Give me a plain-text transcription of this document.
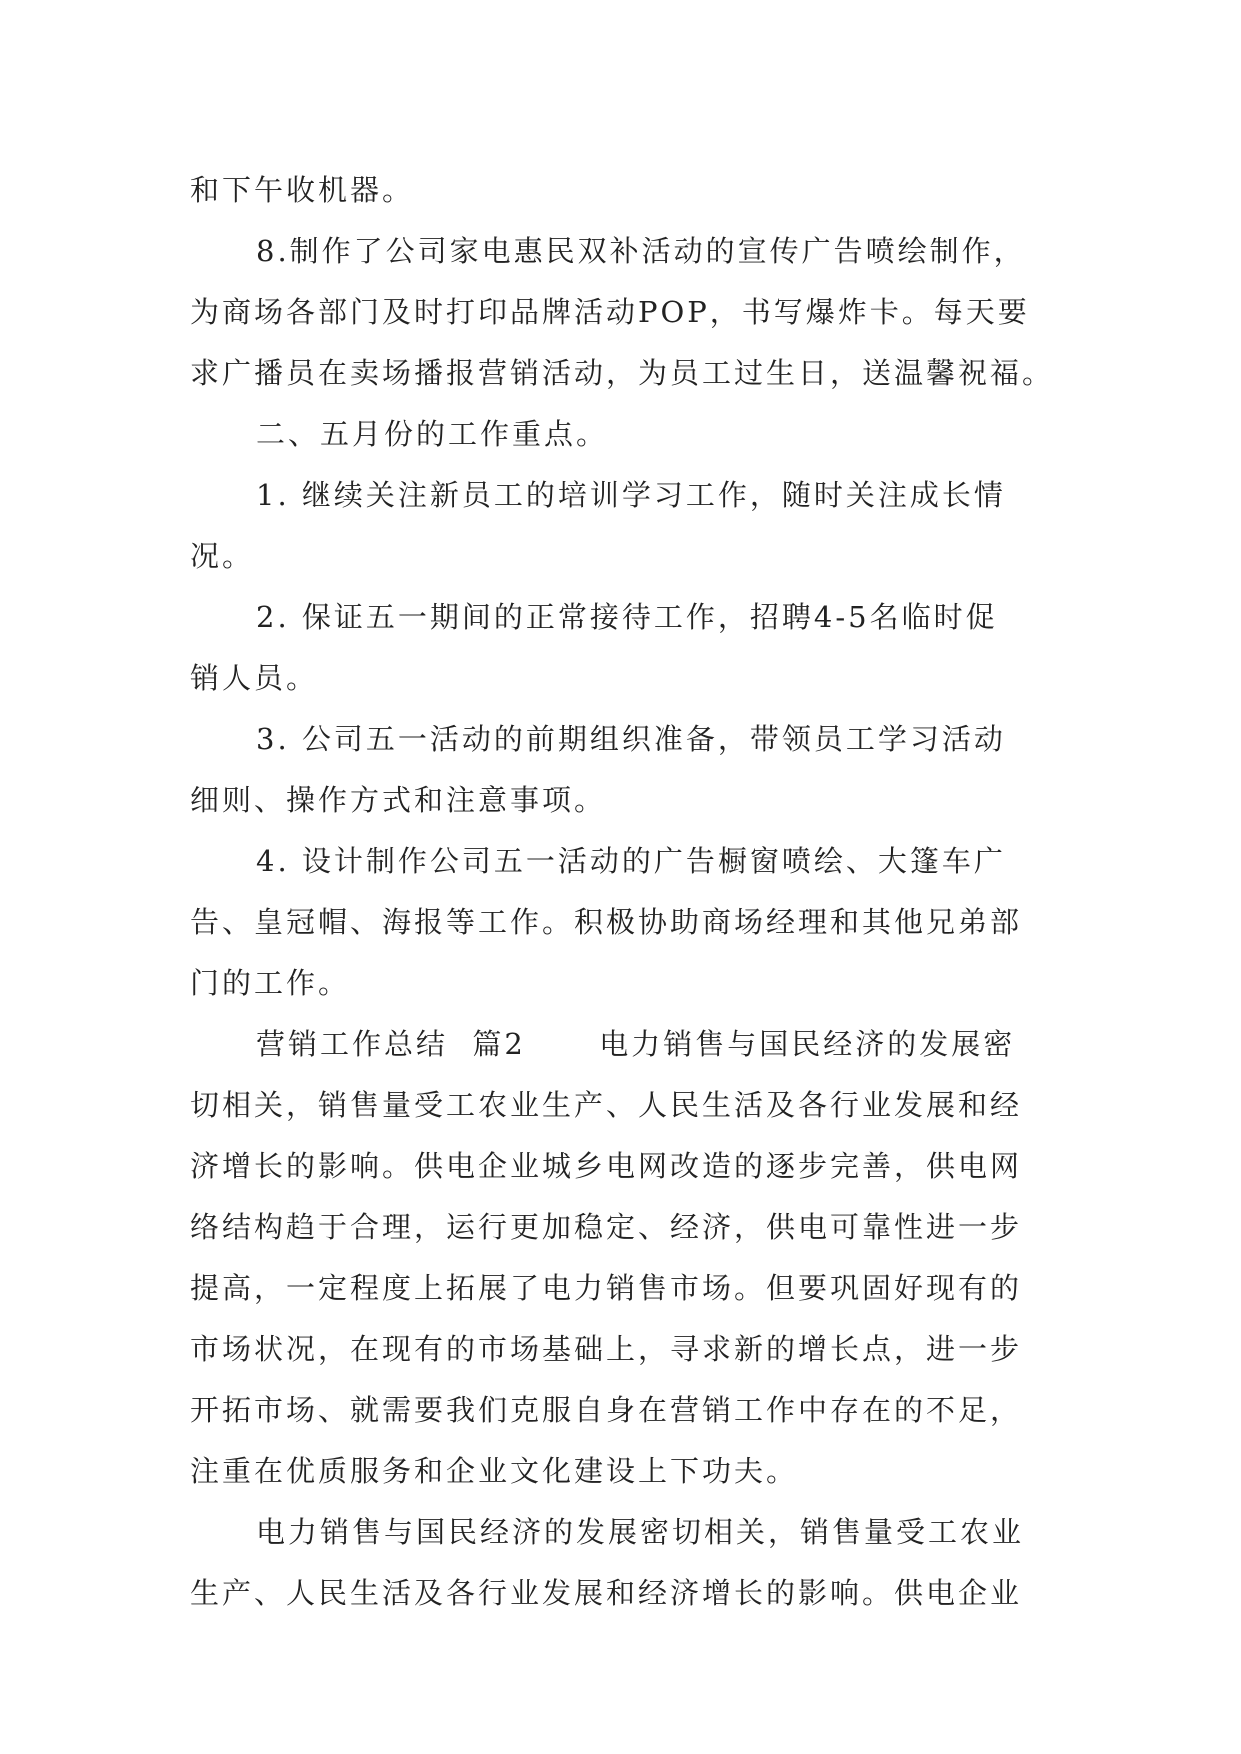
和下午收机器。
8.制作了公司家电惠民双补活动的宣传广告喷绘制作，
为商场各部门及时打印品牌活动POP，书写爆炸卡。每天要
求广播员在卖场播报营销活动，为员工过生日，送温馨祝福。
二、五月份的工作重点。
1. 继续关注新员工的培训学习工作，随时关注成长情
况。
2. 保证五一期间的正常接待工作，招聘4-5名临时促
销人员。
3. 公司五一活动的前期组织准备，带领员工学习活动
细则、操作方式和注意事项。
4. 设计制作公司五一活动的广告橱窗喷绘、大篷车广
告、皇冠帽、海报等工作。积极协助商场经理和其他兄弟部
门的工作。
营销工作总结  篇2      电力销售与国民经济的发展密
切相关，销售量受工农业生产、人民生活及各行业发展和经
济增长的影响。供电企业城乡电网改造的逐步完善，供电网
络结构趋于合理，运行更加稳定、经济，供电可靠性进一步
提高，一定程度上拓展了电力销售市场。但要巩固好现有的
市场状况，在现有的市场基础上，寻求新的增长点，进一步
开拓市场、就需要我们克服自身在营销工作中存在的不足，
注重在优质服务和企业文化建设上下功夫。
电力销售与国民经济的发展密切相关，销售量受工农业
生产、人民生活及各行业发展和经济增长的影响。供电企业
